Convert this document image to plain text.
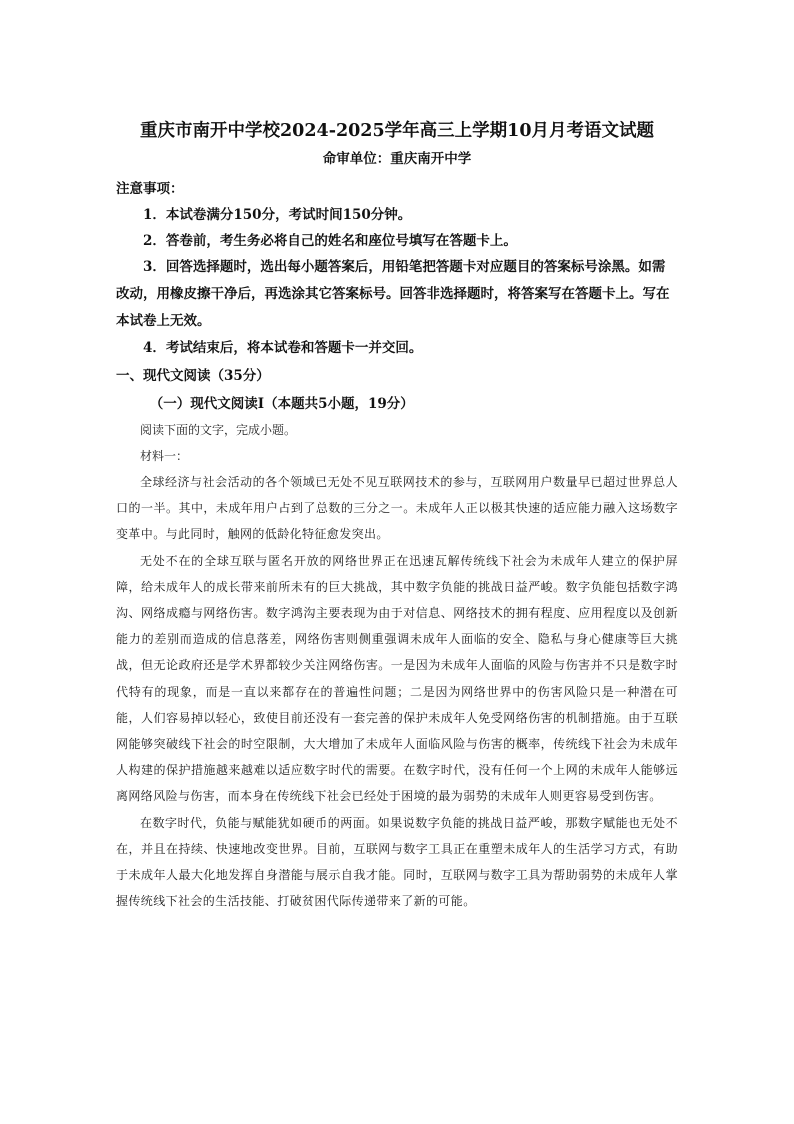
重庆市南开中学校2024-2025学年高三上学期10月月考语文试题

命审单位：重庆南开中学

注意事项：

1．本试卷满分150分，考试时间150分钟。

2．答卷前，考生务必将自己的姓名和座位号填写在答题卡上。

3．回答选择题时，选出每小题答案后，用铅笔把答题卡对应题目的答案标号涂黑。如需改动，用橡皮擦干净后，再选涂其它答案标号。回答非选择题时，将答案写在答题卡上。写在本试卷上无效。

4．考试结束后，将本试卷和答题卡一并交回。

一、现代文阅读（35分）

（一）现代文阅读Ⅰ（本题共5小题，19分）

阅读下面的文字，完成小题。

材料一：

全球经济与社会活动的各个领域已无处不见互联网技术的参与，互联网用户数量早已超过世界总人口的一半。其中，未成年用户占到了总数的三分之一。未成年人正以极其快速的适应能力融入这场数字变革中。与此同时，触网的低龄化特征愈发突出。

无处不在的全球互联与匿名开放的网络世界正在迅速瓦解传统线下社会为未成年人建立的保护屏障，给未成年人的成长带来前所未有的巨大挑战，其中数字负能的挑战日益严峻。数字负能包括数字鸿沟、网络成瘾与网络伤害。数字鸿沟主要表现为由于对信息、网络技术的拥有程度、应用程度以及创新能力的差别而造成的信息落差，网络伤害则侧重强调未成年人面临的安全、隐私与身心健康等巨大挑战，但无论政府还是学术界都较少关注网络伤害。一是因为未成年人面临的风险与伤害并不只是数字时代特有的现象，而是一直以来都存在的普遍性问题；二是因为网络世界中的伤害风险只是一种潜在可能，人们容易掉以轻心，致使目前还没有一套完善的保护未成年人免受网络伤害的机制措施。由于互联网能够突破线下社会的时空限制，大大增加了未成年人面临风险与伤害的概率，传统线下社会为未成年人构建的保护措施越来越难以适应数字时代的需要。在数字时代，没有任何一个上网的未成年人能够远离网络风险与伤害，而本身在传统线下社会已经处于困境的最为弱势的未成年人则更容易受到伤害。

在数字时代，负能与赋能犹如硬币的两面。如果说数字负能的挑战日益严峻，那数字赋能也无处不在，并且在持续、快速地改变世界。目前，互联网与数字工具正在重塑未成年人的生活学习方式，有助于未成年人最大化地发挥自身潜能与展示自我才能。同时，互联网与数字工具为帮助弱势的未成年人掌握传统线下社会的生活技能、打破贫困代际传递带来了新的可能。
